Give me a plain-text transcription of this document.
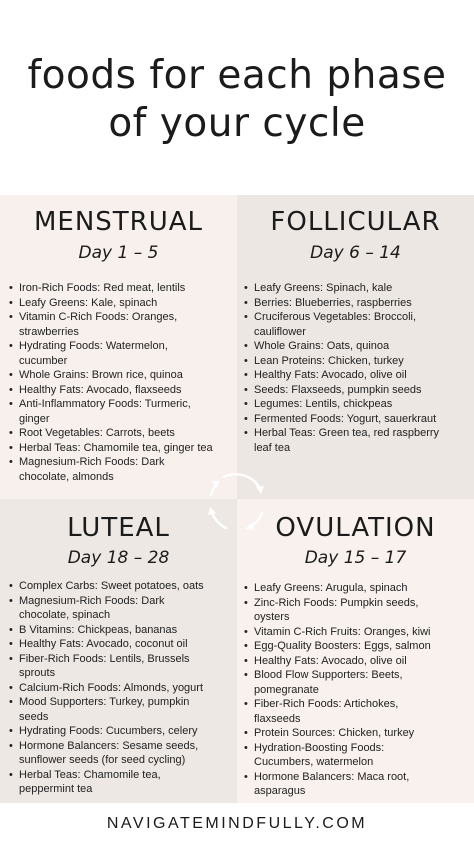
foods for each phase
of your cycle
MENSTRUAL
Day 1 – 5
• Iron-Rich Foods: Red meat, lentils
• Leafy Greens: Kale, spinach
• Vitamin C-Rich Foods: Oranges,
strawberries
• Hydrating Foods: Watermelon,
cucumber
• Whole Grains: Brown rice, quinoa
• Healthy Fats: Avocado, flaxseeds
• Anti-Inflammatory Foods: Turmeric,
ginger
• Root Vegetables: Carrots, beets
• Herbal Teas: Chamomile tea, ginger tea
• Magnesium-Rich Foods: Dark
chocolate, almonds
FOLLICULAR
Day 6 – 14
• Leafy Greens: Spinach, kale
• Berries: Blueberries, raspberries
• Cruciferous Vegetables: Broccoli,
cauliflower
• Whole Grains: Oats, quinoa
• Lean Proteins: Chicken, turkey
• Healthy Fats: Avocado, olive oil
• Seeds: Flaxseeds, pumpkin seeds
• Legumes: Lentils, chickpeas
• Fermented Foods: Yogurt, sauerkraut
• Herbal Teas: Green tea, red raspberry
leaf tea
LUTEAL
Day 18 – 28
• Complex Carbs: Sweet potatoes, oats
• Magnesium-Rich Foods: Dark
chocolate, spinach
• B Vitamins: Chickpeas, bananas
• Healthy Fats: Avocado, coconut oil
• Fiber-Rich Foods: Lentils, Brussels
sprouts
• Calcium-Rich Foods: Almonds, yogurt
• Mood Supporters: Turkey, pumpkin
seeds
• Hydrating Foods: Cucumbers, celery
• Hormone Balancers: Sesame seeds,
sunflower seeds (for seed cycling)
• Herbal Teas: Chamomile tea,
peppermint tea
OVULATION
Day 15 – 17
• Leafy Greens: Arugula, spinach
• Zinc-Rich Foods: Pumpkin seeds,
oysters
• Vitamin C-Rich Fruits: Oranges, kiwi
• Egg-Quality Boosters: Eggs, salmon
• Healthy Fats: Avocado, olive oil
• Blood Flow Supporters: Beets,
pomegranate
• Fiber-Rich Foods: Artichokes,
flaxseeds
• Protein Sources: Chicken, turkey
• Hydration-Boosting Foods:
Cucumbers, watermelon
• Hormone Balancers: Maca root,
asparagus
NAVIGATEMINDFULLY.COM
